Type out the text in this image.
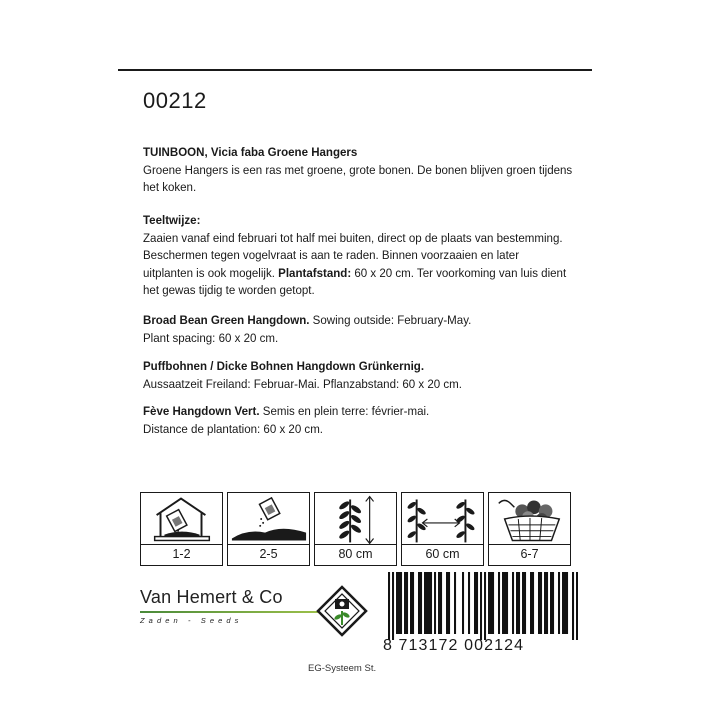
00212
TUINBOON, Vicia faba Groene Hangers
Groene Hangers is een ras met groene, grote bonen. De bonen blijven groen tijdens
het koken.
Teeltwijze:
Zaaien vanaf eind februari tot half mei buiten, direct op de plaats van bestemming.
Beschermen tegen vogelvraat is aan te raden. Binnen voorzaaien en later
uitplanten is ook mogelijk. Plantafstand: 60 x 20 cm. Ter voorkoming van luis dient
het gewas tijdig te worden getopt.
Broad Bean Green Hangdown. Sowing outside: February-May.
Plant spacing: 60 x 20 cm.
Puffbohnen / Dicke Bohnen Hangdown Grünkernig.
Aussaatzeit Freiland: Februar-Mai. Pflanzabstand: 60 x 20 cm.
Fève Hangdown Vert. Semis en plein terre: février-mai.
Distance de plantation: 60 x 20 cm.
1-2	2-5	80 cm	60 cm	6-7
Van Hemert & Co
Zaden - Seeds
8 713172 002124
EG-Systeem St.
